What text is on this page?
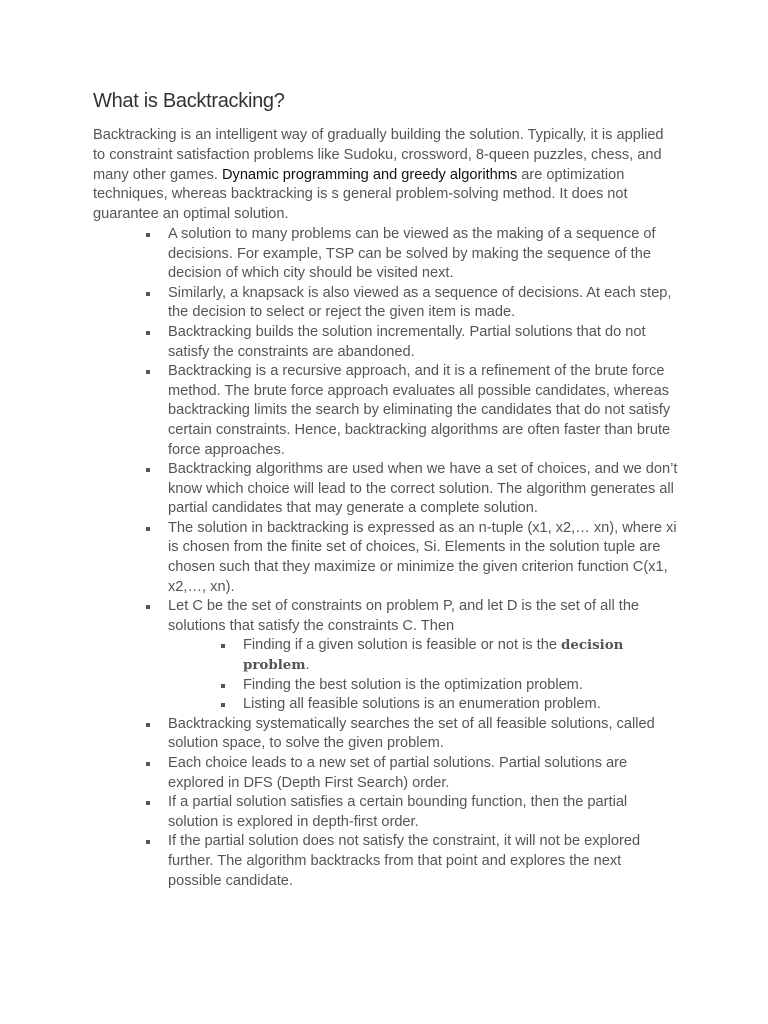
What is Backtracking?

Backtracking is an intelligent way of gradually building the solution. Typically, it is applied to constraint satisfaction problems like Sudoku, crossword, 8-queen puzzles, chess, and many other games. Dynamic programming and greedy algorithms are optimization techniques, whereas backtracking is s general problem-solving method. It does not guarantee an optimal solution.

A solution to many problems can be viewed as the making of a sequence of decisions. For example, TSP can be solved by making the sequence of the decision of which city should be visited next.
Similarly, a knapsack is also viewed as a sequence of decisions. At each step, the decision to select or reject the given item is made.
Backtracking builds the solution incrementally. Partial solutions that do not satisfy the constraints are abandoned.
Backtracking is a recursive approach, and it is a refinement of the brute force method. The brute force approach evaluates all possible candidates, whereas backtracking limits the search by eliminating the candidates that do not satisfy certain constraints. Hence, backtracking algorithms are often faster than brute force approaches.
Backtracking algorithms are used when we have a set of choices, and we don’t know which choice will lead to the correct solution. The algorithm generates all partial candidates that may generate a complete solution.
The solution in backtracking is expressed as an n-tuple (x1, x2,… xn), where xi is chosen from the finite set of choices, Si. Elements in the solution tuple are chosen such that they maximize or minimize the given criterion function C(x1, x2,…, xn).
Let C be the set of constraints on problem P, and let D is the set of all the solutions that satisfy the constraints C. Then
Finding if a given solution is feasible or not is the decision problem.
Finding the best solution is the optimization problem.
Listing all feasible solutions is an enumeration problem.
Backtracking systematically searches the set of all feasible solutions, called solution space, to solve the given problem.
Each choice leads to a new set of partial solutions. Partial solutions are explored in DFS (Depth First Search) order.
If a partial solution satisfies a certain bounding function, then the partial solution is explored in depth-first order.
If the partial solution does not satisfy the constraint, it will not be explored further. The algorithm backtracks from that point and explores the next possible candidate.
